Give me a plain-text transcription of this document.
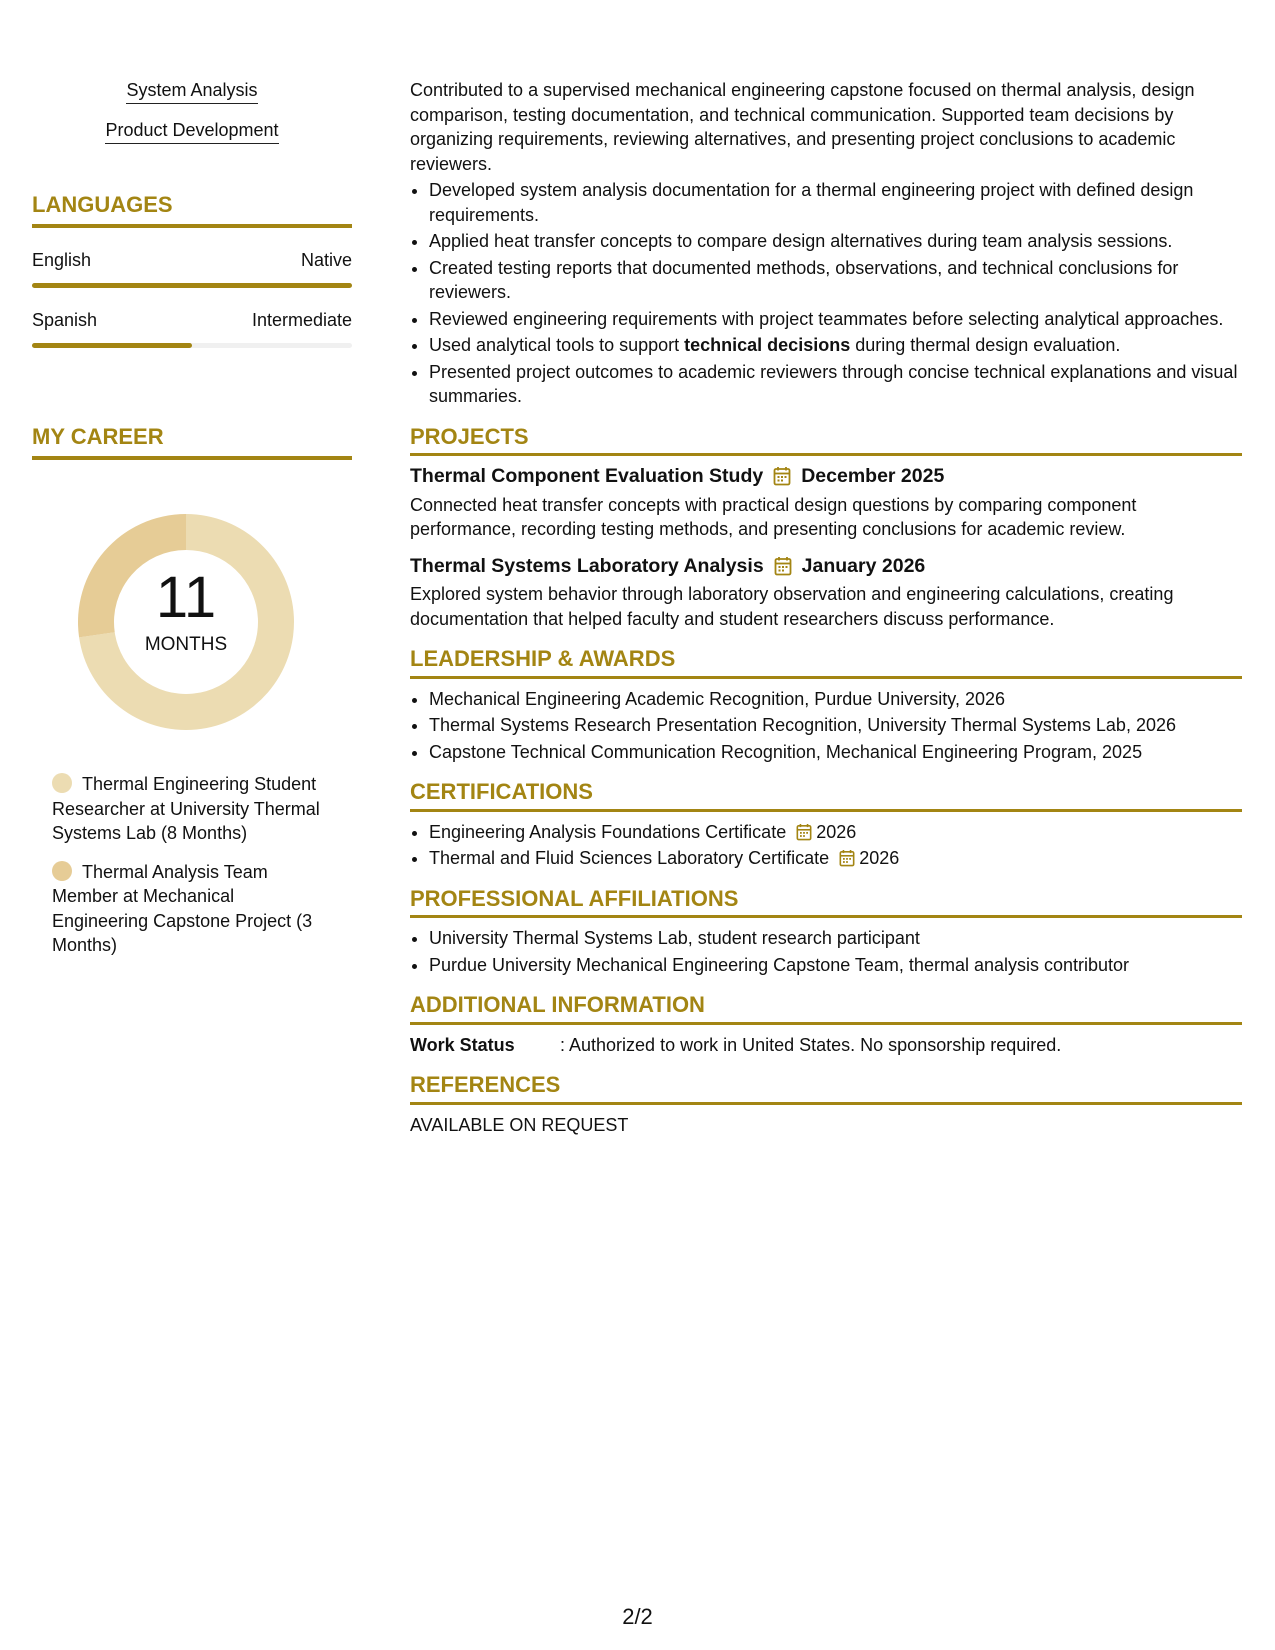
System Analysis
Product Development
LANGUAGES
English	Native
Spanish	Intermediate
MY CAREER
11
MONTHS
Thermal Engineering Student Researcher at University Thermal Systems Lab (8 Months)
Thermal Analysis Team Member at Mechanical Engineering Capstone Project (3 Months)

Contributed to a supervised mechanical engineering capstone focused on thermal analysis, design comparison, testing documentation, and technical communication. Supported team decisions by organizing requirements, reviewing alternatives, and presenting project conclusions to academic reviewers.

• Developed system analysis documentation for a thermal engineering project with defined design requirements.
• Applied heat transfer concepts to compare design alternatives during team analysis sessions.
• Created testing reports that documented methods, observations, and technical conclusions for reviewers.
• Reviewed engineering requirements with project teammates before selecting analytical approaches.
• Used analytical tools to support technical decisions during thermal design evaluation.
• Presented project outcomes to academic reviewers through concise technical explanations and visual summaries.
PROJECTS
Thermal Component Evaluation Study December 2025

Connected heat transfer concepts with practical design questions by comparing component performance, recording testing methods, and presenting conclusions for academic review.

Thermal Systems Laboratory Analysis January 2026

Explored system behavior through laboratory observation and engineering calculations, creating documentation that helped faculty and student researchers discuss performance.

LEADERSHIP & AWARDS
• Mechanical Engineering Academic Recognition, Purdue University, 2026
• Thermal Systems Research Presentation Recognition, University Thermal Systems Lab, 2026
• Capstone Technical Communication Recognition, Mechanical Engineering Program, 2025
CERTIFICATIONS
• Engineering Analysis Foundations Certificate 2026
• Thermal and Fluid Sciences Laboratory Certificate 2026
PROFESSIONAL AFFILIATIONS
• University Thermal Systems Lab, student research participant
• Purdue University Mechanical Engineering Capstone Team, thermal analysis contributor
ADDITIONAL INFORMATION
Work Status	: Authorized to work in United States. No sponsorship required.
REFERENCES

AVAILABLE ON REQUEST

2/2
